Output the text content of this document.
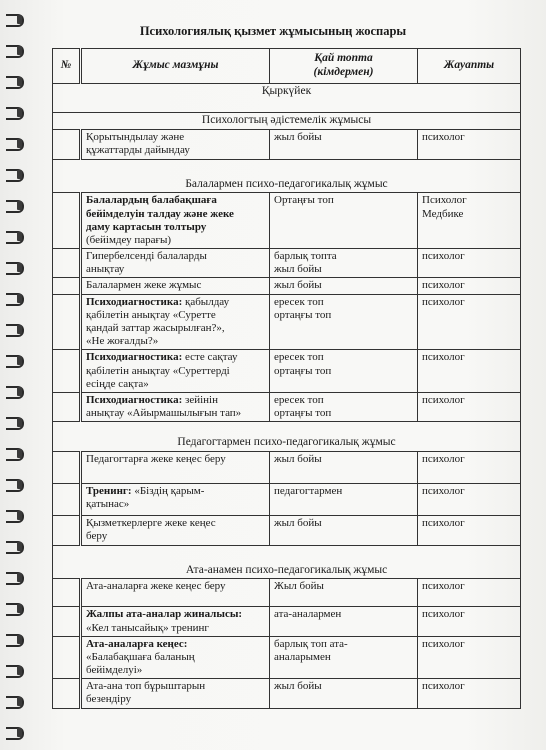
Психологиялық қызмет жұмысының жоспары
№	Жұмыс мазмұны	Қай топта
(кімдермен)	Жауапты
Қыркүйек			
Психологтың әдістемелік жұмысы			

	Қорытындылау және
құжаттарды дайындау	жыл бойы	психолог
Балалармен психо-педагогикалық жұмыс			

	Балалардың балабақшаға
бейімделуін талдау және жеке
даму картасын толтыру
(бейімдеу парағы)	Ортаңғы топ	Психолог
Медбике

	Гипербелсенді балаларды
анықтау	барлық топта
жыл бойы	психолог
	Балалармен жеке жұмыс	жыл бойы	психолог

	Психодиагностика: қабылдау
қабілетін анықтау «Суретте
қандай заттар жасырылған?»,
«Не жоғалды?»	ересек топ
ортаңғы топ	психолог

	Психодиагностика: есте сақтау
қабілетін анықтау «Суреттерді
есіңде сақта»	ересек топ
ортаңғы топ	психолог

	Психодиагностика: зейінін
анықтау «Айырмашылығын тап»	ересек топ
ортаңғы топ	психолог
Педагогтармен психо-педагогикалық жұмыс			
	Педагогтарға жеке кеңес беру	жыл бойы	психолог

	Тренинг: «Біздің қарым-
қатынас»	педагогтармен	психолог

	Қызметкерлерге жеке кеңес
беру	жыл бойы	психолог
Ата-анамен психо-педагогикалық жұмыс			
	Ата-аналарға жеке кеңес беру	Жыл бойы	психолог

	Жалпы ата-аналар жиналысы:
«Кел танысайық» тренинг	ата-аналармен	психолог

	Ата-аналарға кеңес:
«Балабақшаға баланың
бейімделуі»	барлық топ ата-
аналарымен	психолог

	Ата-ана топ бұрыштарын
безендіру	жыл бойы	психолог
